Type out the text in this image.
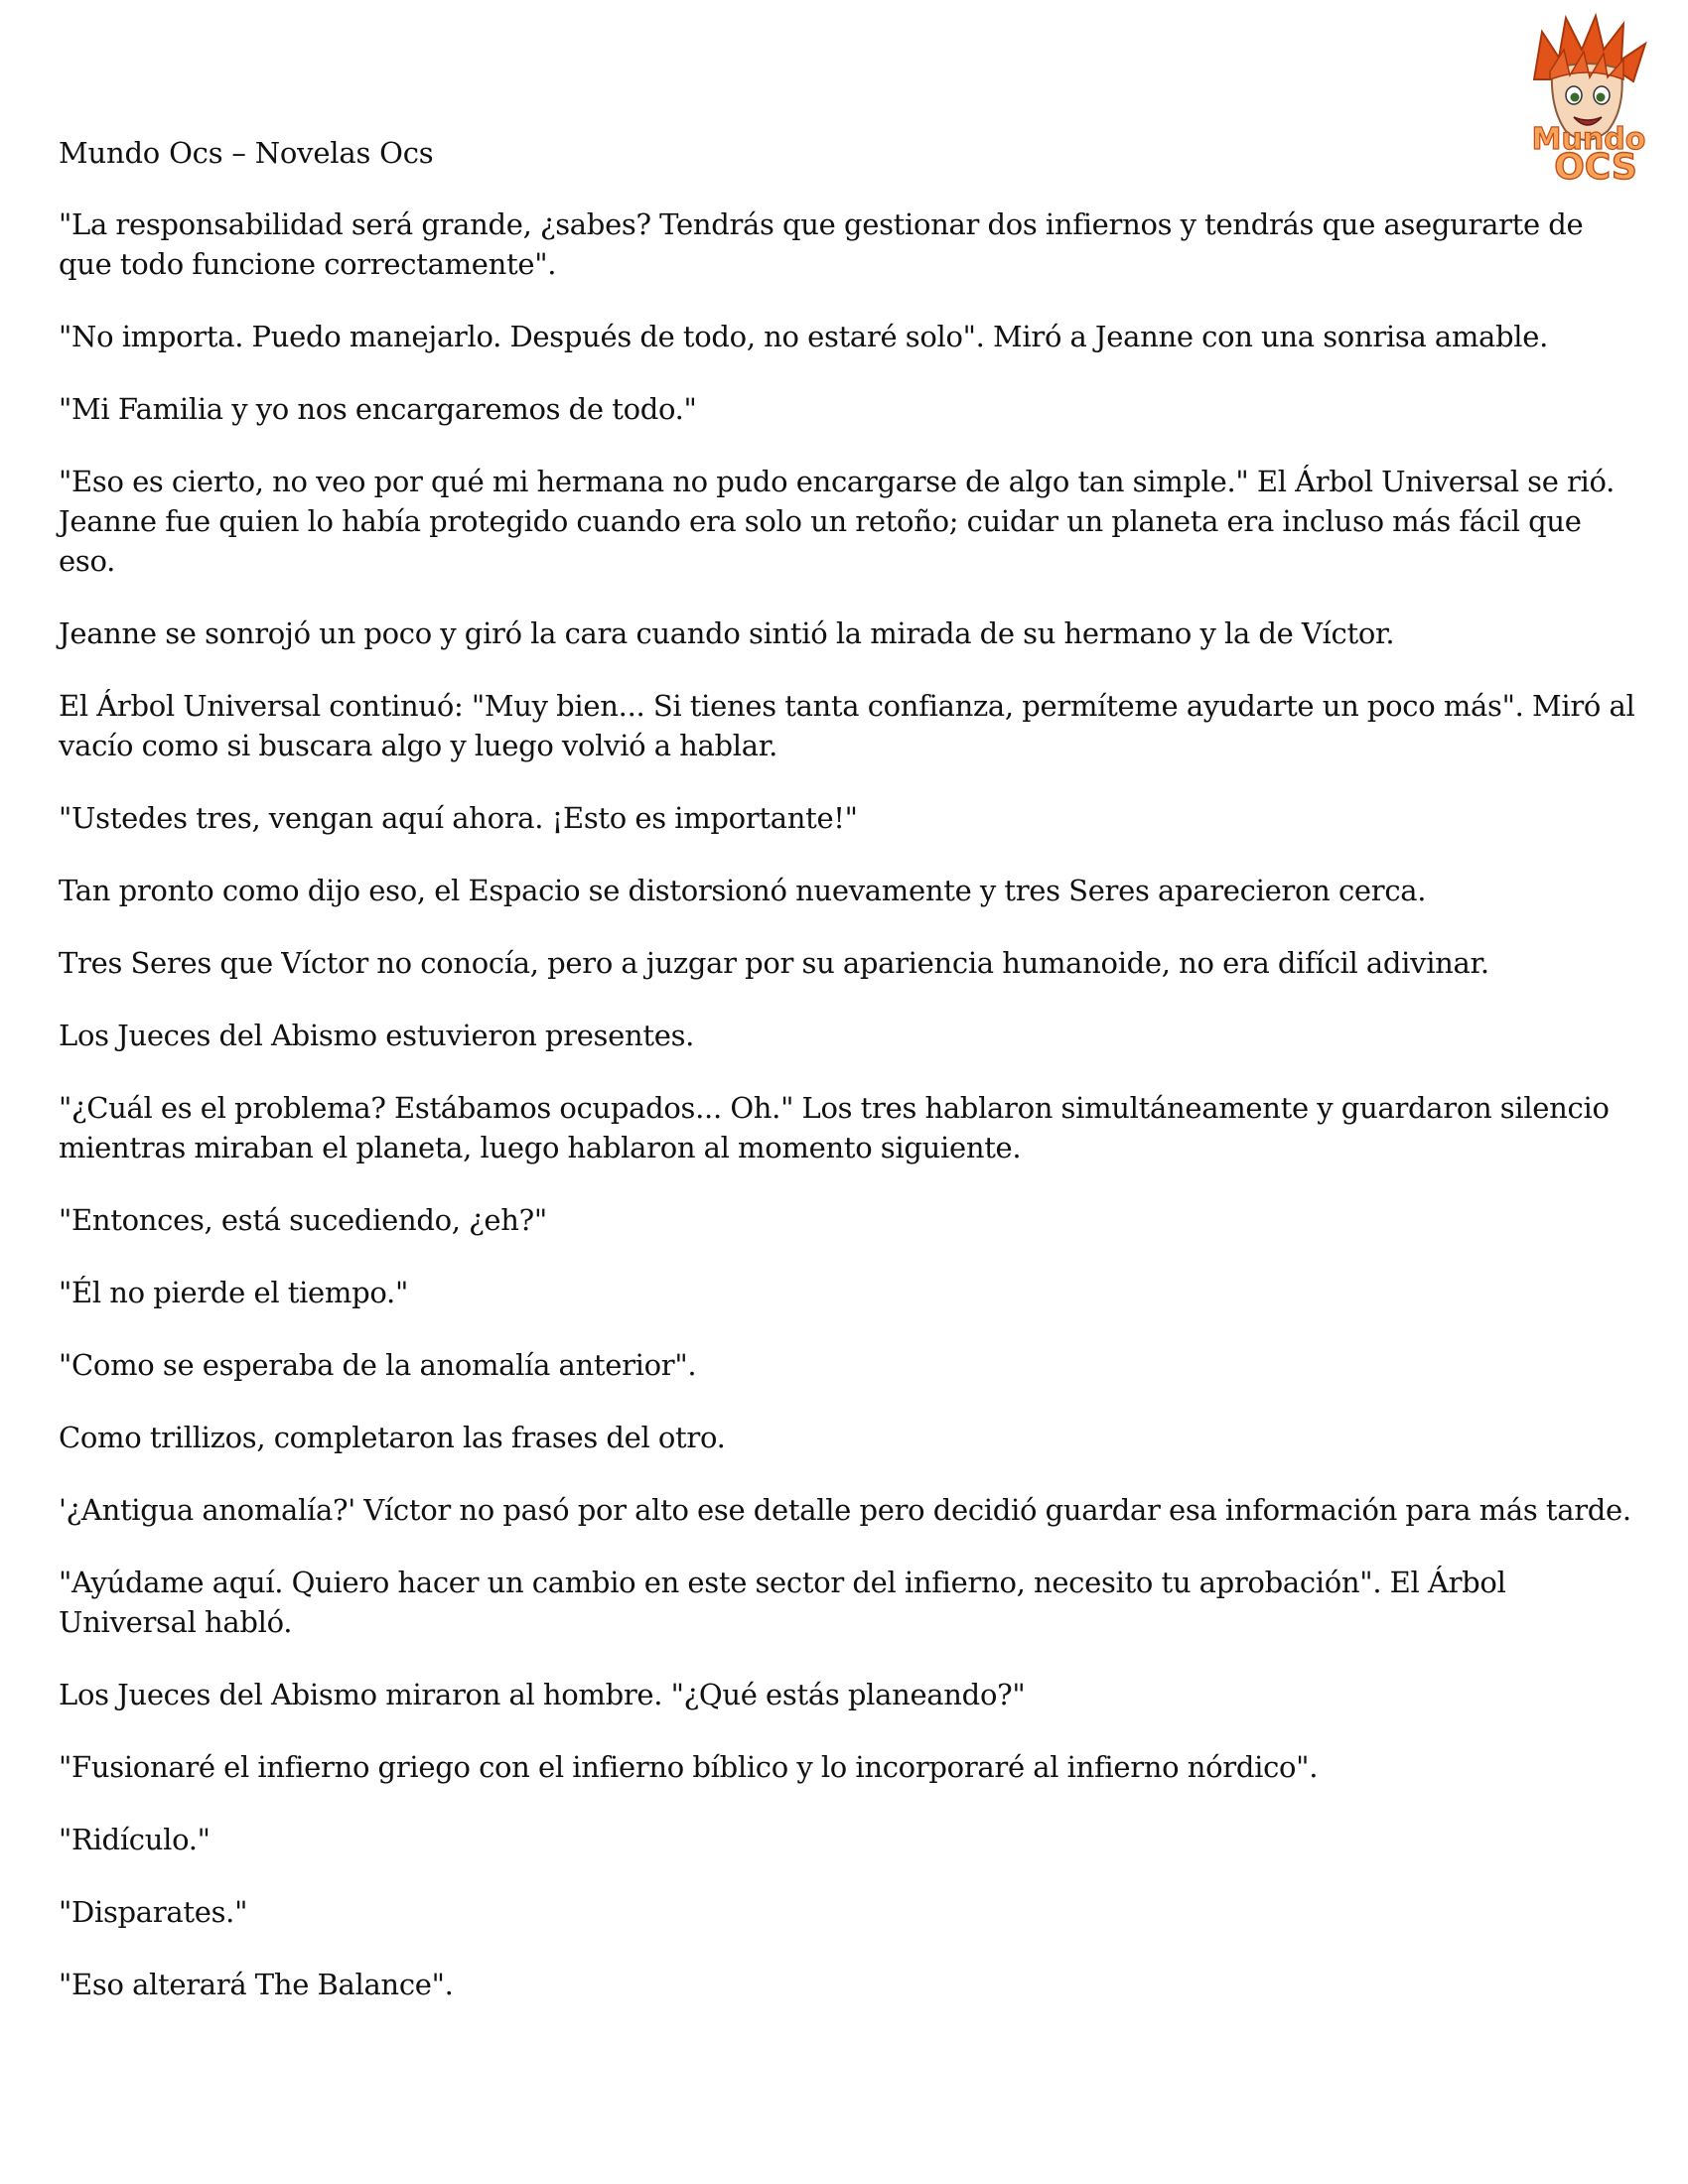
Mundo
OCS
Mundo Ocs – Novelas Ocs

"La responsabilidad será grande, ¿sabes? Tendrás que gestionar dos infiernos y tendrás que asegurarte de que todo funcione correctamente".

"No importa. Puedo manejarlo. Después de todo, no estaré solo". Miró a Jeanne con una sonrisa amable.

"Mi Familia y yo nos encargaremos de todo."

"Eso es cierto, no veo por qué mi hermana no pudo encargarse de algo tan simple." El Árbol Universal se rió. Jeanne fue quien lo había protegido cuando era solo un retoño; cuidar un planeta era incluso más fácil que eso.

Jeanne se sonrojó un poco y giró la cara cuando sintió la mirada de su hermano y la de Víctor.

El Árbol Universal continuó: "Muy bien... Si tienes tanta confianza, permíteme ayudarte un poco más". Miró al vacío como si buscara algo y luego volvió a hablar.

"Ustedes tres, vengan aquí ahora. ¡Esto es importante!"

Tan pronto como dijo eso, el Espacio se distorsionó nuevamente y tres Seres aparecieron cerca.

Tres Seres que Víctor no conocía, pero a juzgar por su apariencia humanoide, no era difícil adivinar.

Los Jueces del Abismo estuvieron presentes.

"¿Cuál es el problema? Estábamos ocupados... Oh." Los tres hablaron simultáneamente y guardaron silencio mientras miraban el planeta, luego hablaron al momento siguiente.

"Entonces, está sucediendo, ¿eh?"

"Él no pierde el tiempo."

"Como se esperaba de la anomalía anterior".

Como trillizos, completaron las frases del otro.

'¿Antigua anomalía?' Víctor no pasó por alto ese detalle pero decidió guardar esa información para más tarde.

"Ayúdame aquí. Quiero hacer un cambio en este sector del infierno, necesito tu aprobación". El Árbol Universal habló.

Los Jueces del Abismo miraron al hombre. "¿Qué estás planeando?"

"Fusionaré el infierno griego con el infierno bíblico y lo incorporaré al infierno nórdico".

"Ridículo."

"Disparates."

"Eso alterará The Balance".
